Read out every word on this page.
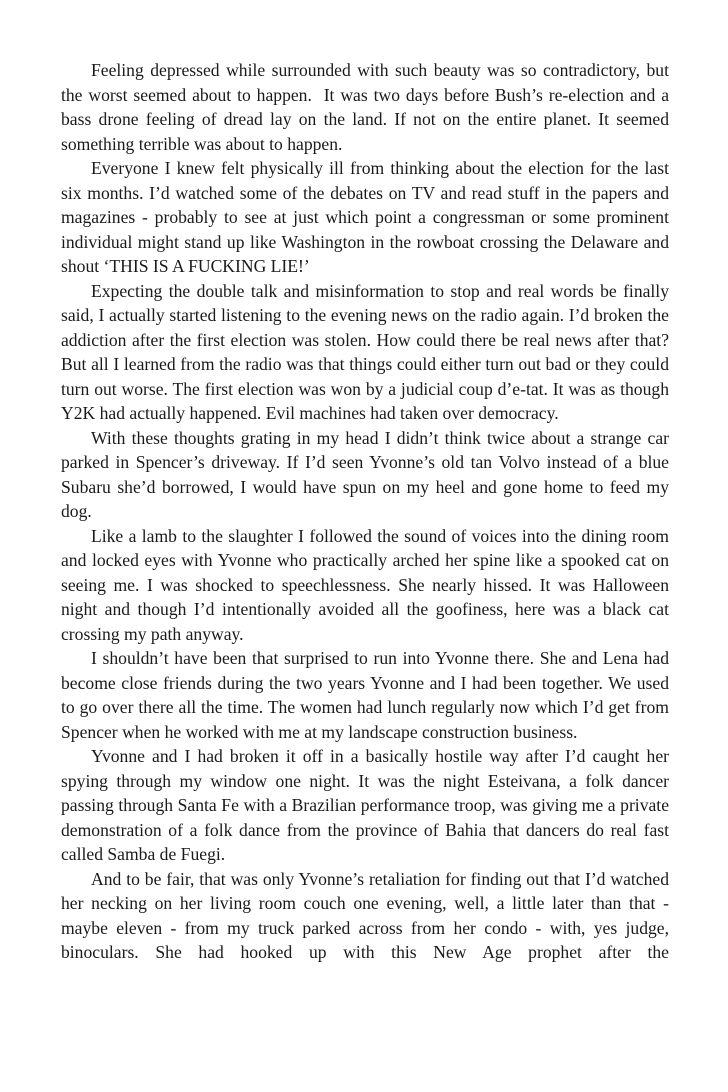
Feeling depressed while surrounded with such beauty was so contradictory, but the worst seemed about to happen.  It was two days before Bush’s re-election and a bass drone feeling of dread lay on the land. If not on the entire planet. It seemed something terrible was about to happen.

Everyone I knew felt physically ill from thinking about the election for the last six months. I’d watched some of the debates on TV and read stuff in the papers and magazines - probably to see at just which point a congressman or some prominent individual might stand up like Washington in the rowboat crossing the Delaware and shout ‘THIS IS A FUCKING LIE!’

Expecting the double talk and misinformation to stop and real words be finally said, I actually started listening to the evening news on the radio again. I’d broken the addiction after the first election was stolen. How could there be real news after that? But all I learned from the radio was that things could either turn out bad or they could turn out worse. The first election was won by a judicial coup d’e-tat. It was as though Y2K had actually happened. Evil machines had taken over democracy.

With these thoughts grating in my head I didn’t think twice about a strange car parked in Spencer’s driveway. If I’d seen Yvonne’s old tan Volvo instead of a blue Subaru she’d borrowed, I would have spun on my heel and gone home to feed my dog.

Like a lamb to the slaughter I followed the sound of voices into the dining room and locked eyes with Yvonne who practically arched her spine like a spooked cat on seeing me. I was shocked to speechlessness. She nearly hissed. It was Halloween night and though I’d intentionally avoided all the goofiness, here was a black cat crossing my path anyway.

I shouldn’t have been that surprised to run into Yvonne there. She and Lena had become close friends during the two years Yvonne and I had been together. We used to go over there all the time. The women had lunch regularly now which I’d get from Spencer when he worked with me at my landscape construction business.

Yvonne and I had broken it off in a basically hostile way after I’d caught her spying through my window one night. It was the night Esteivana, a folk dancer passing through Santa Fe with a Brazilian performance troop, was giving me a private demonstration of a folk dance from the province of Bahia that dancers do real fast called Samba de Fuegi.

And to be fair, that was only Yvonne’s retaliation for finding out that I’d watched her necking on her living room couch one evening, well, a little later than that - maybe eleven - from my truck parked across from her condo - with, yes judge, binoculars. She had hooked up with this New Age prophet after the
